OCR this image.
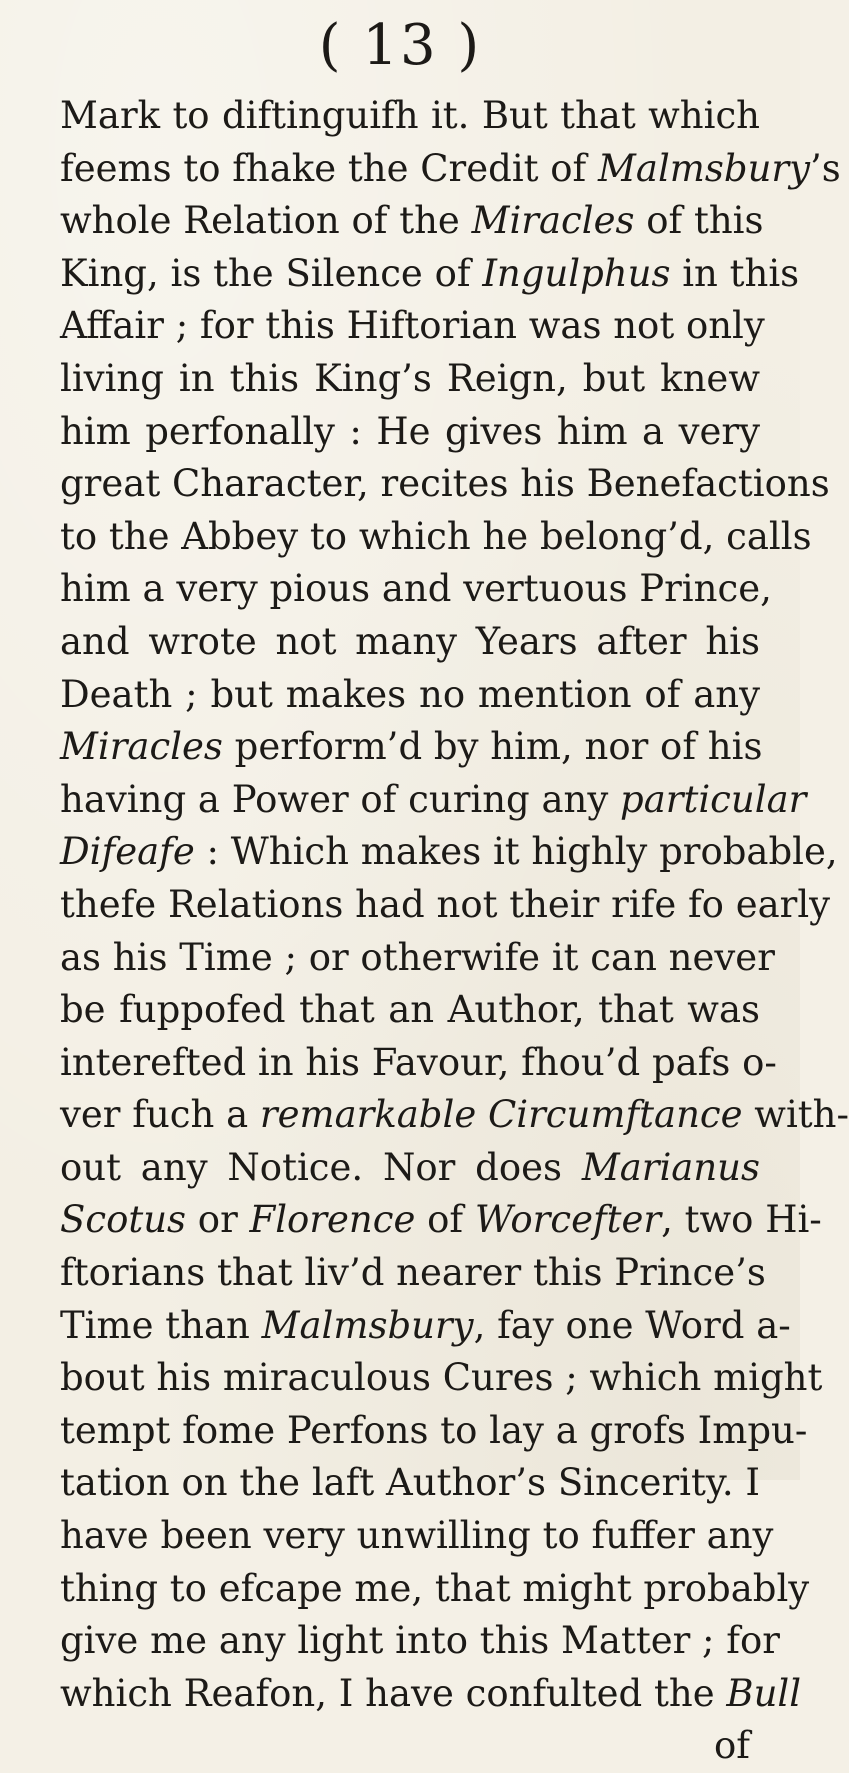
( 13 )
Mark to diftinguifh it. But that which
feems to fhake the Credit of Malmsbury’s
whole Relation of the Miracles of this
King, is the Silence of Ingulphus in this
Affair ; for this Hiftorian was not only
living in this King’s Reign, but knew
him perfonally : He gives him a very
great Character, recites his Benefactions
to the Abbey to which he belong’d, calls
him a very pious and vertuous Prince,
and wrote not many Years after his
Death ; but makes no mention of any
Miracles perform’d by him, nor of his
having a Power of curing any particular
Difeafe : Which makes it highly probable,
thefe Relations had not their rife fo early
as his Time ; or otherwife it can never
be fuppofed that an Author, that was
interefted in his Favour, fhou’d pafs o-
ver fuch a remarkable Circumftance with-
out any Notice. Nor does Marianus
Scotus or Florence of Worcefter, two Hi-
ftorians that liv’d nearer this Prince’s
Time than Malmsbury, fay one Word a-
bout his miraculous Cures ; which might
tempt fome Perfons to lay a grofs Impu-
tation on the laft Author’s Sincerity. I
have been very unwilling to fuffer any
thing to efcape me, that might probably
give me any light into this Matter ; for
which Reafon, I have confulted the Bull
of
